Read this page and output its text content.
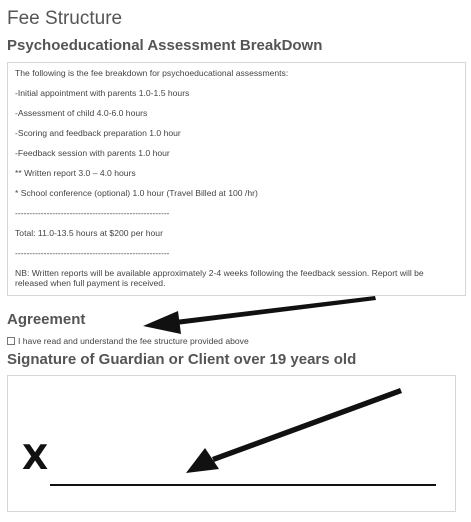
Fee Structure
Psychoeducational Assessment BreakDown

The following is the fee breakdown for psychoeducational assessments:

-Initial appointment with parents 1.0-1.5 hours

-Assessment of child 4.0-6.0 hours

-Scoring and feedback preparation 1.0 hour

-Feedback session with parents 1.0 hour

** Written report 3.0 – 4.0 hours

* School conference (optional) 1.0 hour (Travel Billed at 100 /hr)

------------------------------------------------------

Total: 11.0-13.5 hours at $200 per hour

------------------------------------------------------

NB: Written reports will be available approximately 2-4 weeks following the feedback session. Report will be released when full payment is received.

Agreement
I have read and understand the fee structure provided above
Signature of Guardian or Client over 19 years old
X
